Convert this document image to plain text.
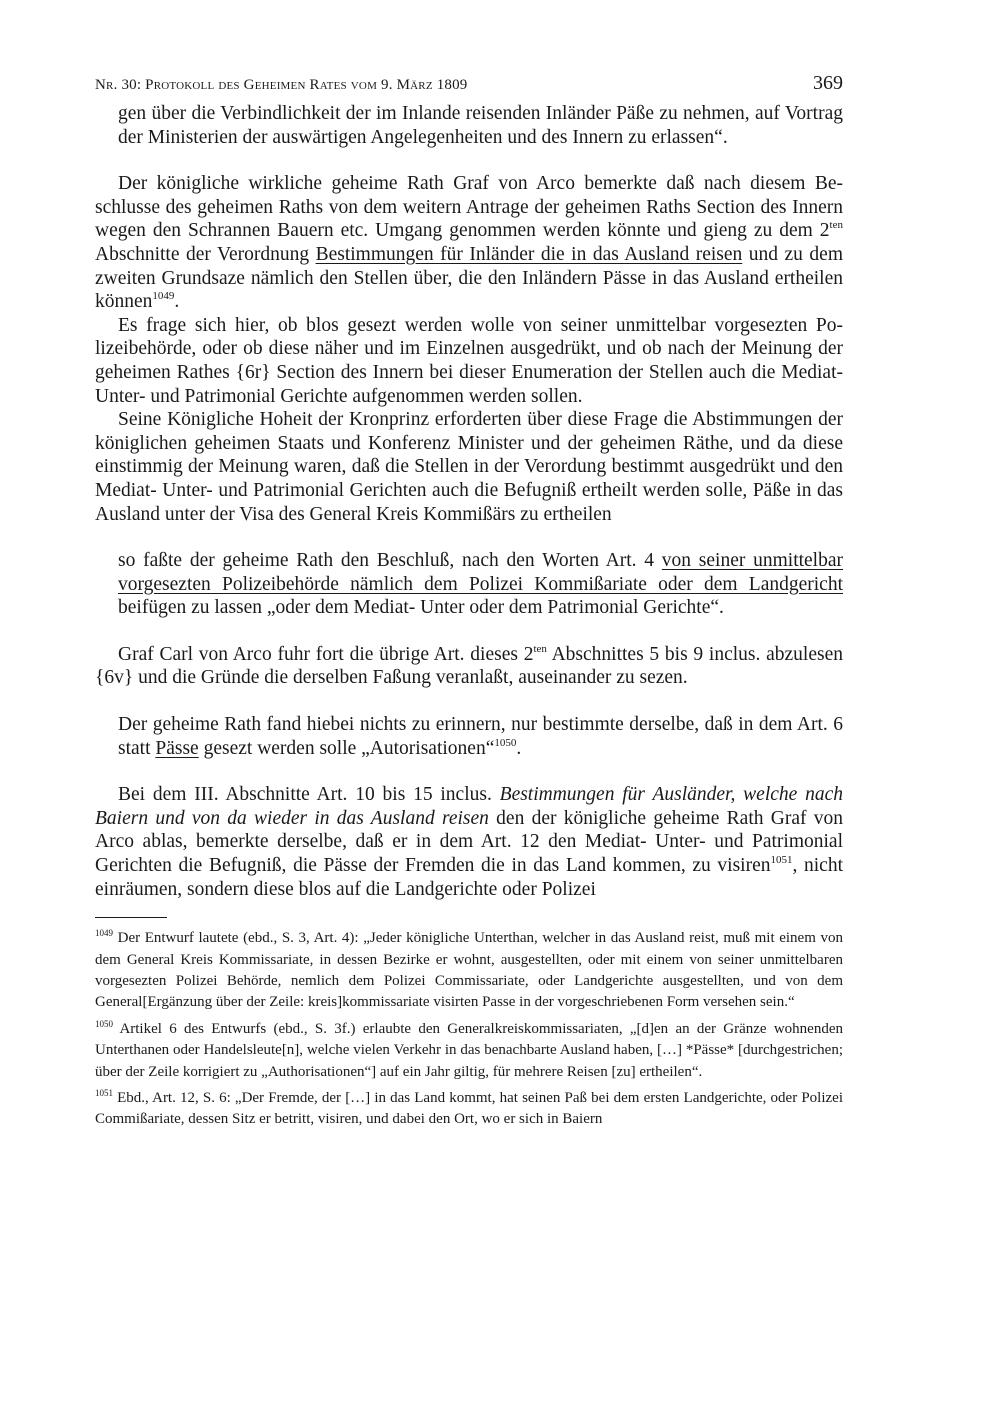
Nr. 30: Protokoll des Geheimen Rates vom 9. März 1809	369

gen über die Verbindlichkeit der im Inlande reisenden Inländer Päße zu nehmen, auf Vortrag der Ministerien der auswärtigen Angelegenheiten und des Innern zu erlassen“.

Der königliche wirkliche geheime Rath Graf von Arco bemerkte daß nach diesem Beschlusse des geheimen Raths von dem weitern Antrage der geheimen Raths Section des Innern wegen den Schrannen Bauern etc. Umgang genommen werden könnte und gieng zu dem $2^{ten}$ Abschnitte der Verordnung Bestimmungen für Inländer die in das Ausland reisen und zu dem zweiten Grundsaze nämlich den Stellen über, die den Inländern Pässe in das Ausland ertheilen können$^{1049}$.

Es frage sich hier, ob blos gesezt werden wolle von seiner unmittelbar vorgesezten Polizeibehörde, oder ob diese näher und im Einzelnen ausgedrükt, und ob nach der Meinung der geheimen Rathes {6r} Section des Innern bei dieser Enumeration der Stellen auch die Mediat- Unter- und Patrimonial Gerichte aufgenommen werden sollen.

Seine Königliche Hoheit der Kronprinz erforderten über diese Frage die Abstimmungen der königlichen geheimen Staats und Konferenz Minister und der geheimen Räthe, und da diese einstimmig der Meinung waren, daß die Stellen in der Verordung bestimmt ausgedrükt und den Mediat- Unter- und Patrimonial Gerichten auch die Befugniß ertheilt werden solle, Päße in das Ausland unter der Visa des General Kreis Kommißärs zu ertheilen

so faßte der geheime Rath den Beschluß, nach den Worten Art. 4 von seiner unmittelbar vorgesezten Polizeibehörde nämlich dem Polizei Kommißariate oder dem Landgericht beifügen zu lassen „oder dem Mediat- Unter oder dem Patrimonial Gerichte“.

Graf Carl von Arco fuhr fort die übrige Art. dieses $2^{ten}$ Abschnittes 5 bis 9 inclus. abzulesen {6v} und die Gründe die derselben Faßung veranlaßt, auseinander zu sezen.

Der geheime Rath fand hiebei nichts zu erinnern, nur bestimmte derselbe, daß in dem Art. 6 statt Pässe gesezt werden solle „Autorisationen“$^{1050}$.

Bei dem III. Abschnitte Art. 10 bis 15 inclus. Bestimmungen für Ausländer, welche nach Baiern und von da wieder in das Ausland reisen den der königliche geheime Rath Graf von Arco ablas, bemerkte derselbe, daß er in dem Art. 12 den Mediat- Unter- und Patrimonial Gerichten die Befugniß, die Pässe der Fremden die in das Land kommen, zu visiren$^{1051}$, nicht einräumen, sondern diese blos auf die Landgerichte oder Polizei

$^{1049}$ Der Entwurf lautete (ebd., S. 3, Art. 4): „Jeder königliche Unterthan, welcher in das Ausland reist, muß mit einem von dem General Kreis Kommissariate, in dessen Bezirke er wohnt, ausgestellten, oder mit einem von seiner unmittelbaren vorgesezten Polizei Behörde, nemlich dem Polizei Commissariate, oder Landgerichte ausgestellten, und von dem General[Ergänzung über der Zeile: kreis]kommissariate visirten Passe in der vorgeschriebenen Form versehen sein.“

$^{1050}$ Artikel 6 des Entwurfs (ebd., S. 3f.) erlaubte den Generalkreiskommissariaten, „[d]en an der Gränze wohnenden Unterthanen oder Handelsleute[n], welche vielen Verkehr in das benachbarte Ausland haben, […] *Pässe* [durchgestrichen; über der Zeile korrigiert zu „Authorisationen“] auf ein Jahr giltig, für mehrere Reisen [zu] ertheilen“.

$^{1051}$ Ebd., Art. 12, S. 6: „Der Fremde, der […] in das Land kommt, hat seinen Paß bei dem ersten Landgerichte, oder Polizei Commißariate, dessen Sitz er betritt, visiren, und dabei den Ort, wo er sich in Baiern
